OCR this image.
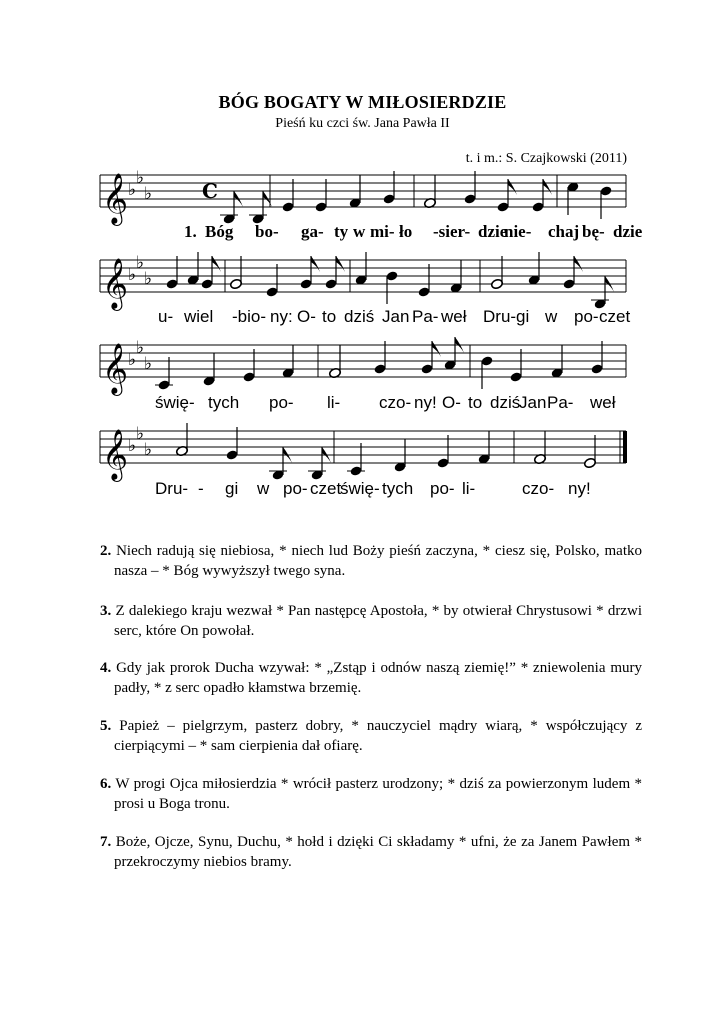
BÓG BOGATY W MIŁOSIERDZIE
Pieśń ku czci św. Jana Pawła II
t. i m.: S. Czajkowski (2011)
𝄞 ♭
♭
♭ C
1. Bóg bo- ga- ty w mi- ło -sier- dzie
nie- chaj bę- dzie
𝄞 ♭
♭
♭
u- wiel -bio- ny: O- to dziś Jan Pa- weł Dru- gi w po- czet
𝄞 ♭
♭
♭
świę- tych po- li- czo- ny! O- to dziś
Jan Pa- weł
𝄞 ♭
♭
♭
Dru- - gi w po- czet
świę- tych po- li-	czo- ny!
2. Niech radują się niebiosa, * niech lud Boży pieśń zaczyna, * ciesz się, Polsko, matko nasza – * Bóg wywyższył twego syna.
3. Z dalekiego kraju wezwał * Pan następcę Apostoła, * by otwierał Chrystusowi * drzwi serc, które On powołał.
4. Gdy jak prorok Ducha wzywał: * „Zstąp i odnów naszą ziemię!” * zniewolenia mury padły, * z serc opadło kłamstwa brzemię.
5. Papież – pielgrzym, pasterz dobry, * nauczyciel mądry wiarą, * współczujący z cierpiącymi – * sam cierpienia dał ofiarę.
6. W progi Ojca miłosierdzia * wrócił pasterz urodzony; * dziś za powierzonym ludem * prosi u Boga tronu.
7. Boże, Ojcze, Synu, Duchu, * hołd i dzięki Ci składamy * ufni, że za Janem Pawłem * przekroczymy niebios bramy.
